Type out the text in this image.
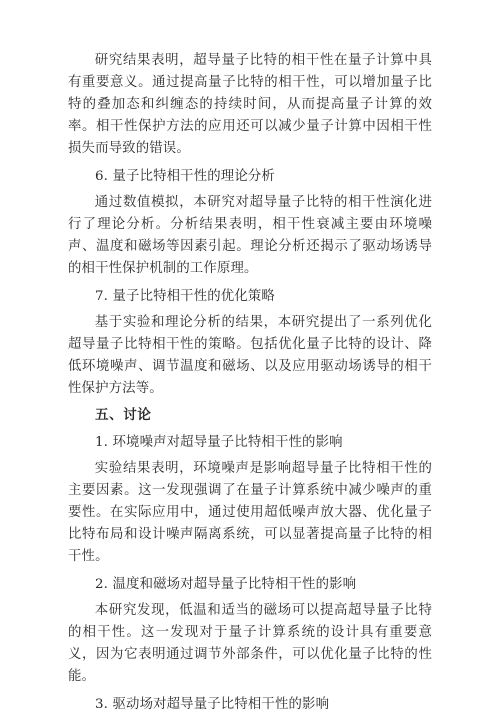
研究结果表明，超导量子比特的相干性在量子计算中具有重要意义。通过提高量子比特的相干性，可以增加量子比特的叠加态和纠缠态的持续时间，从而提高量子计算的效率。相干性保护方法的应用还可以减少量子计算中因相干性损失而导致的错误。

6. 量子比特相干性的理论分析

通过数值模拟，本研究对超导量子比特的相干性演化进行了理论分析。分析结果表明，相干性衰减主要由环境噪声、温度和磁场等因素引起。理论分析还揭示了驱动场诱导的相干性保护机制的工作原理。

7. 量子比特相干性的优化策略

基于实验和理论分析的结果，本研究提出了一系列优化超导量子比特相干性的策略。包括优化量子比特的设计、降低环境噪声、调节温度和磁场、以及应用驱动场诱导的相干性保护方法等。

五、讨论

1. 环境噪声对超导量子比特相干性的影响

实验结果表明，环境噪声是影响超导量子比特相干性的主要因素。这一发现强调了在量子计算系统中减少噪声的重要性。在实际应用中，通过使用超低噪声放大器、优化量子比特布局和设计噪声隔离系统，可以显著提高量子比特的相干性。

2. 温度和磁场对超导量子比特相干性的影响

本研究发现，低温和适当的磁场可以提高超导量子比特的相干性。这一发现对于量子计算系统的设计具有重要意义，因为它表明通过调节外部条件，可以优化量子比特的性能。

3. 驱动场对超导量子比特相干性的影响
